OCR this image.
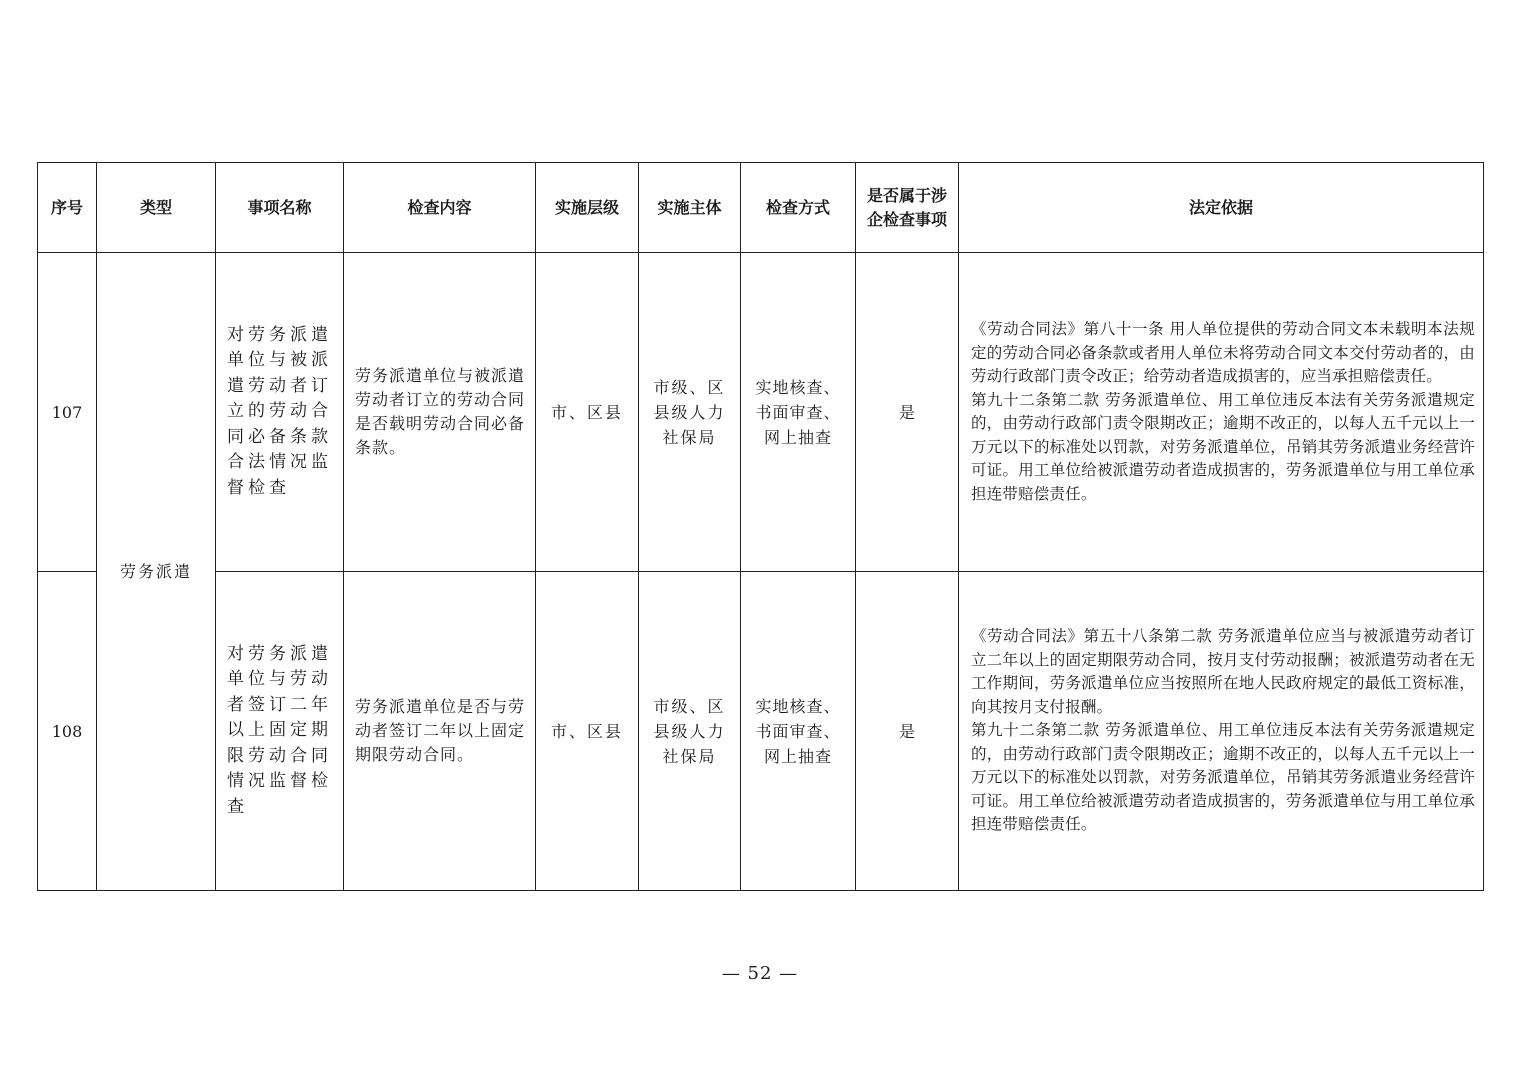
序号	类型	事项名称	检查内容	实施层级	实施主体	检查方式	是否属于涉企检查事项	法定依据
107	劳务派遣	对劳务派遣单位与被派遣劳动者订立的劳动合同必备条款合法情况监督检查	劳务派遣单位与被派遣劳动者订立的劳动合同是否载明劳动合同必备条款。	市、区县	市级、区县级人力社保局	实地核查、书面审查、网上抽查	是	《劳动合同法》第八十一条 用人单位提供的劳动合同文本未载明本法规定的劳动合同必备条款或者用人单位未将劳动合同文本交付劳动者的，由劳动行政部门责令改正；给劳动者造成损害的，应当承担赔偿责任。

第九十二条第二款 劳务派遣单位、用工单位违反本法有关劳务派遣规定的，由劳动行政部门责令限期改正；逾期不改正的，以每人五千元以上一万元以下的标准处以罚款，对劳务派遣单位，吊销其劳务派遣业务经营许可证。用工单位给被派遣劳动者造成损害的，劳务派遣单位与用工单位承担连带赔偿责任。

108		对劳务派遣单位与劳动者签订二年以上固定期限劳动合同情况监督检查	劳务派遣单位是否与劳动者签订二年以上固定期限劳动合同。	市、区县	市级、区县级人力社保局	实地核查、书面审查、网上抽查	是	《劳动合同法》第五十八条第二款 劳务派遣单位应当与被派遣劳动者订立二年以上的固定期限劳动合同，按月支付劳动报酬；被派遣劳动者在无工作期间，劳务派遣单位应当按照所在地人民政府规定的最低工资标准，向其按月支付报酬。

第九十二条第二款 劳务派遣单位、用工单位违反本法有关劳务派遣规定的，由劳动行政部门责令限期改正；逾期不改正的，以每人五千元以上一万元以下的标准处以罚款，对劳务派遣单位，吊销其劳务派遣业务经营许可证。用工单位给被派遣劳动者造成损害的，劳务派遣单位与用工单位承担连带赔偿责任。

— 52 —
